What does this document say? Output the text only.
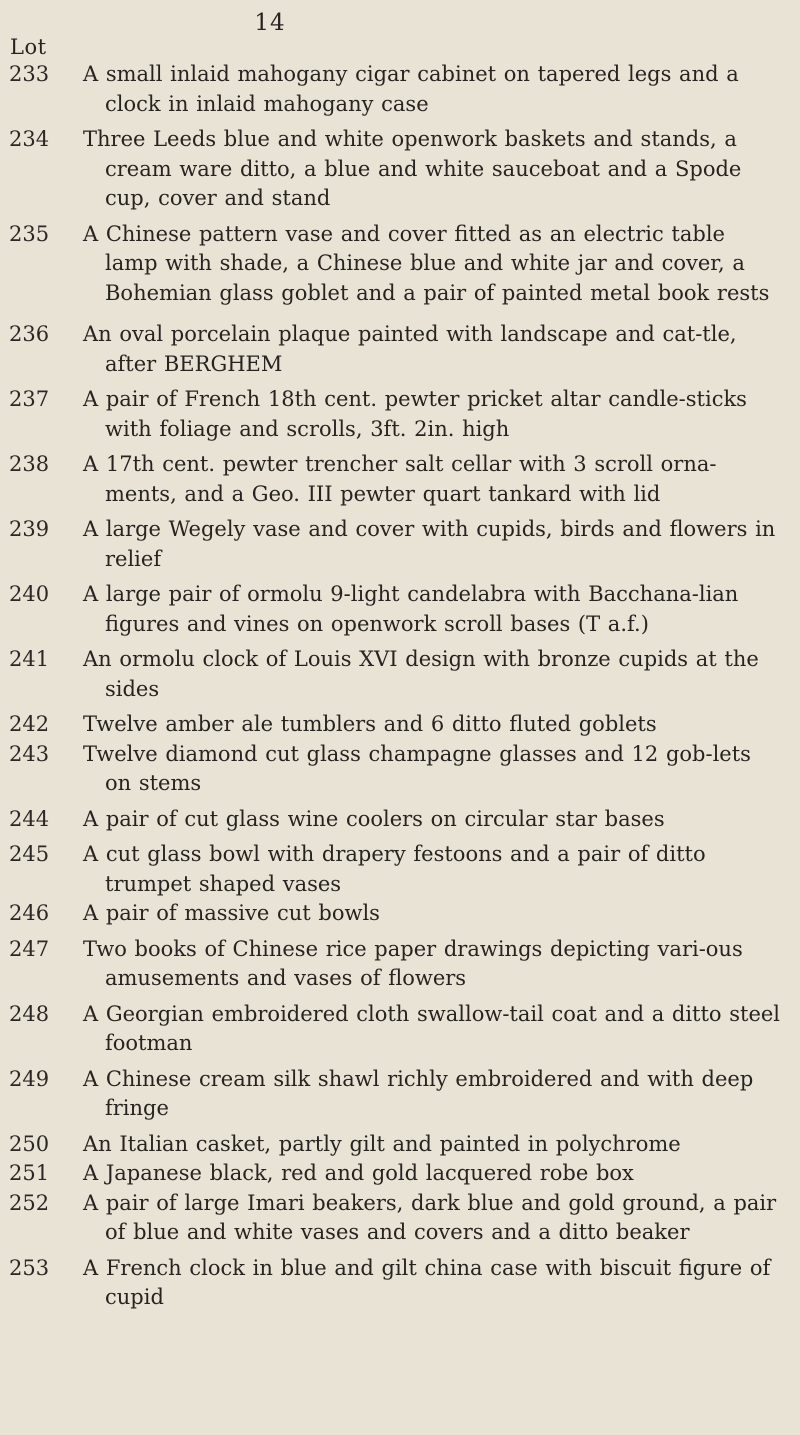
14
Lot
233	A small inlaid mahogany cigar cabinet on tapered legs and a clock in inlaid mahogany case
234	Three Leeds blue and white openwork baskets and stands, a cream ware ditto, a blue and white sauceboat and a Spode cup, cover and stand
235	A Chinese pattern vase and cover fitted as an electric table lamp with shade, a Chinese blue and white jar and cover, a Bohemian glass goblet and a pair of painted metal book rests
236	An oval porcelain plaque painted with landscape and cat-tle, after BERGHEM
237	A pair of French 18th cent. pewter pricket altar candle-sticks with foliage and scrolls, 3ft. 2in. high
238	A 17th cent. pewter trencher salt cellar with 3 scroll orna-ments, and a Geo. III pewter quart tankard with lid
239	A large Wegely vase and cover with cupids, birds and flowers in relief
240	A large pair of ormolu 9-light candelabra with Bacchana-lian figures and vines on openwork scroll bases (T a.f.)
241	An ormolu clock of Louis XVI design with bronze cupids at the sides
242	Twelve amber ale tumblers and 6 ditto fluted goblets
243	Twelve diamond cut glass champagne glasses and 12 gob-lets on stems
244	A pair of cut glass wine coolers on circular star bases
245	A cut glass bowl with drapery festoons and a pair of ditto trumpet shaped vases
246	A pair of massive cut bowls
247	Two books of Chinese rice paper drawings depicting vari-ous amusements and vases of flowers
248	A Georgian embroidered cloth swallow-tail coat and a ditto steel footman
249	A Chinese cream silk shawl richly embroidered and with deep fringe
250	An Italian casket, partly gilt and painted in polychrome
251	A Japanese black, red and gold lacquered robe box
252	A pair of large Imari beakers, dark blue and gold ground, a pair of blue and white vases and covers and a ditto beaker
253	A French clock in blue and gilt china case with biscuit figure of cupid
